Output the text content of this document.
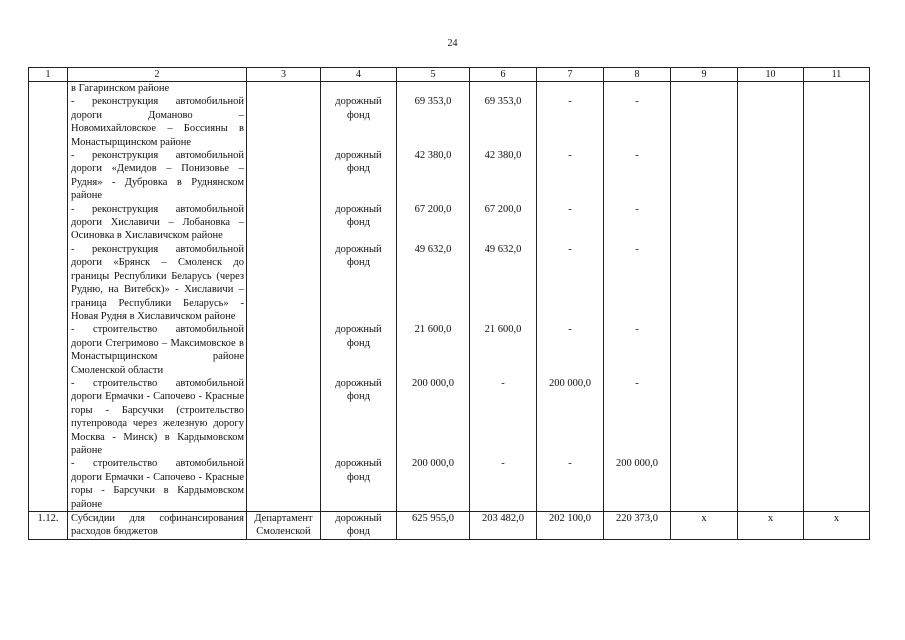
24
1	2	3	4	5	6	7	8	9	10	11
	в Гагаринском районе									
	- реконструкция автомобильной дороги Доманово – Новомихайловское – Боссияны в Монастырщинском районе		дорожный фонд	69 353,0	69 353,0	-	-			
	- реконструкция автомобильной дороги «Демидов – Понизовье – Рудня» - Дубровка в Руднянском районе		дорожный фонд	42 380,0	42 380,0	-	-			
	- реконструкция автомобильной дороги Хиславичи – Лобановка – Осиновка в Хиславичском районе		дорожный фонд	67 200,0	67 200,0	-	-			
	- реконструкция автомобильной дороги «Брянск – Смоленск до границы Республики Беларусь (через Рудню, на Витебск)» - Хиславичи – граница Республики Беларусь» - Новая Рудня в Хиславичском районе		дорожный фонд	49 632,0	49 632,0	-	-			
	- строительство автомобильной дороги Стегримово – Максимовское в Монастырщинском районе Смоленской области		дорожный фонд	21 600,0	21 600,0	-	-			
	- строительство автомобильной дороги Ермачки - Сапочево - Красные горы - Барсучки (строительство путепровода через железную дорогу Москва - Минск) в Кардымовском районе		дорожный фонд	200 000,0	-	200 000,0	-			
	- строительство автомобильной дороги Ермачки - Сапочево - Красные горы - Барсучки в Кардымовском районе		дорожный фонд	200 000,0	-	-	200 000,0			
1.12.	Субсидии для софинансирования расходов бюджетов	Департамент Смоленской	дорожный фонд	625 955,0	203 482,0	202 100,0	220 373,0	x	x	x
